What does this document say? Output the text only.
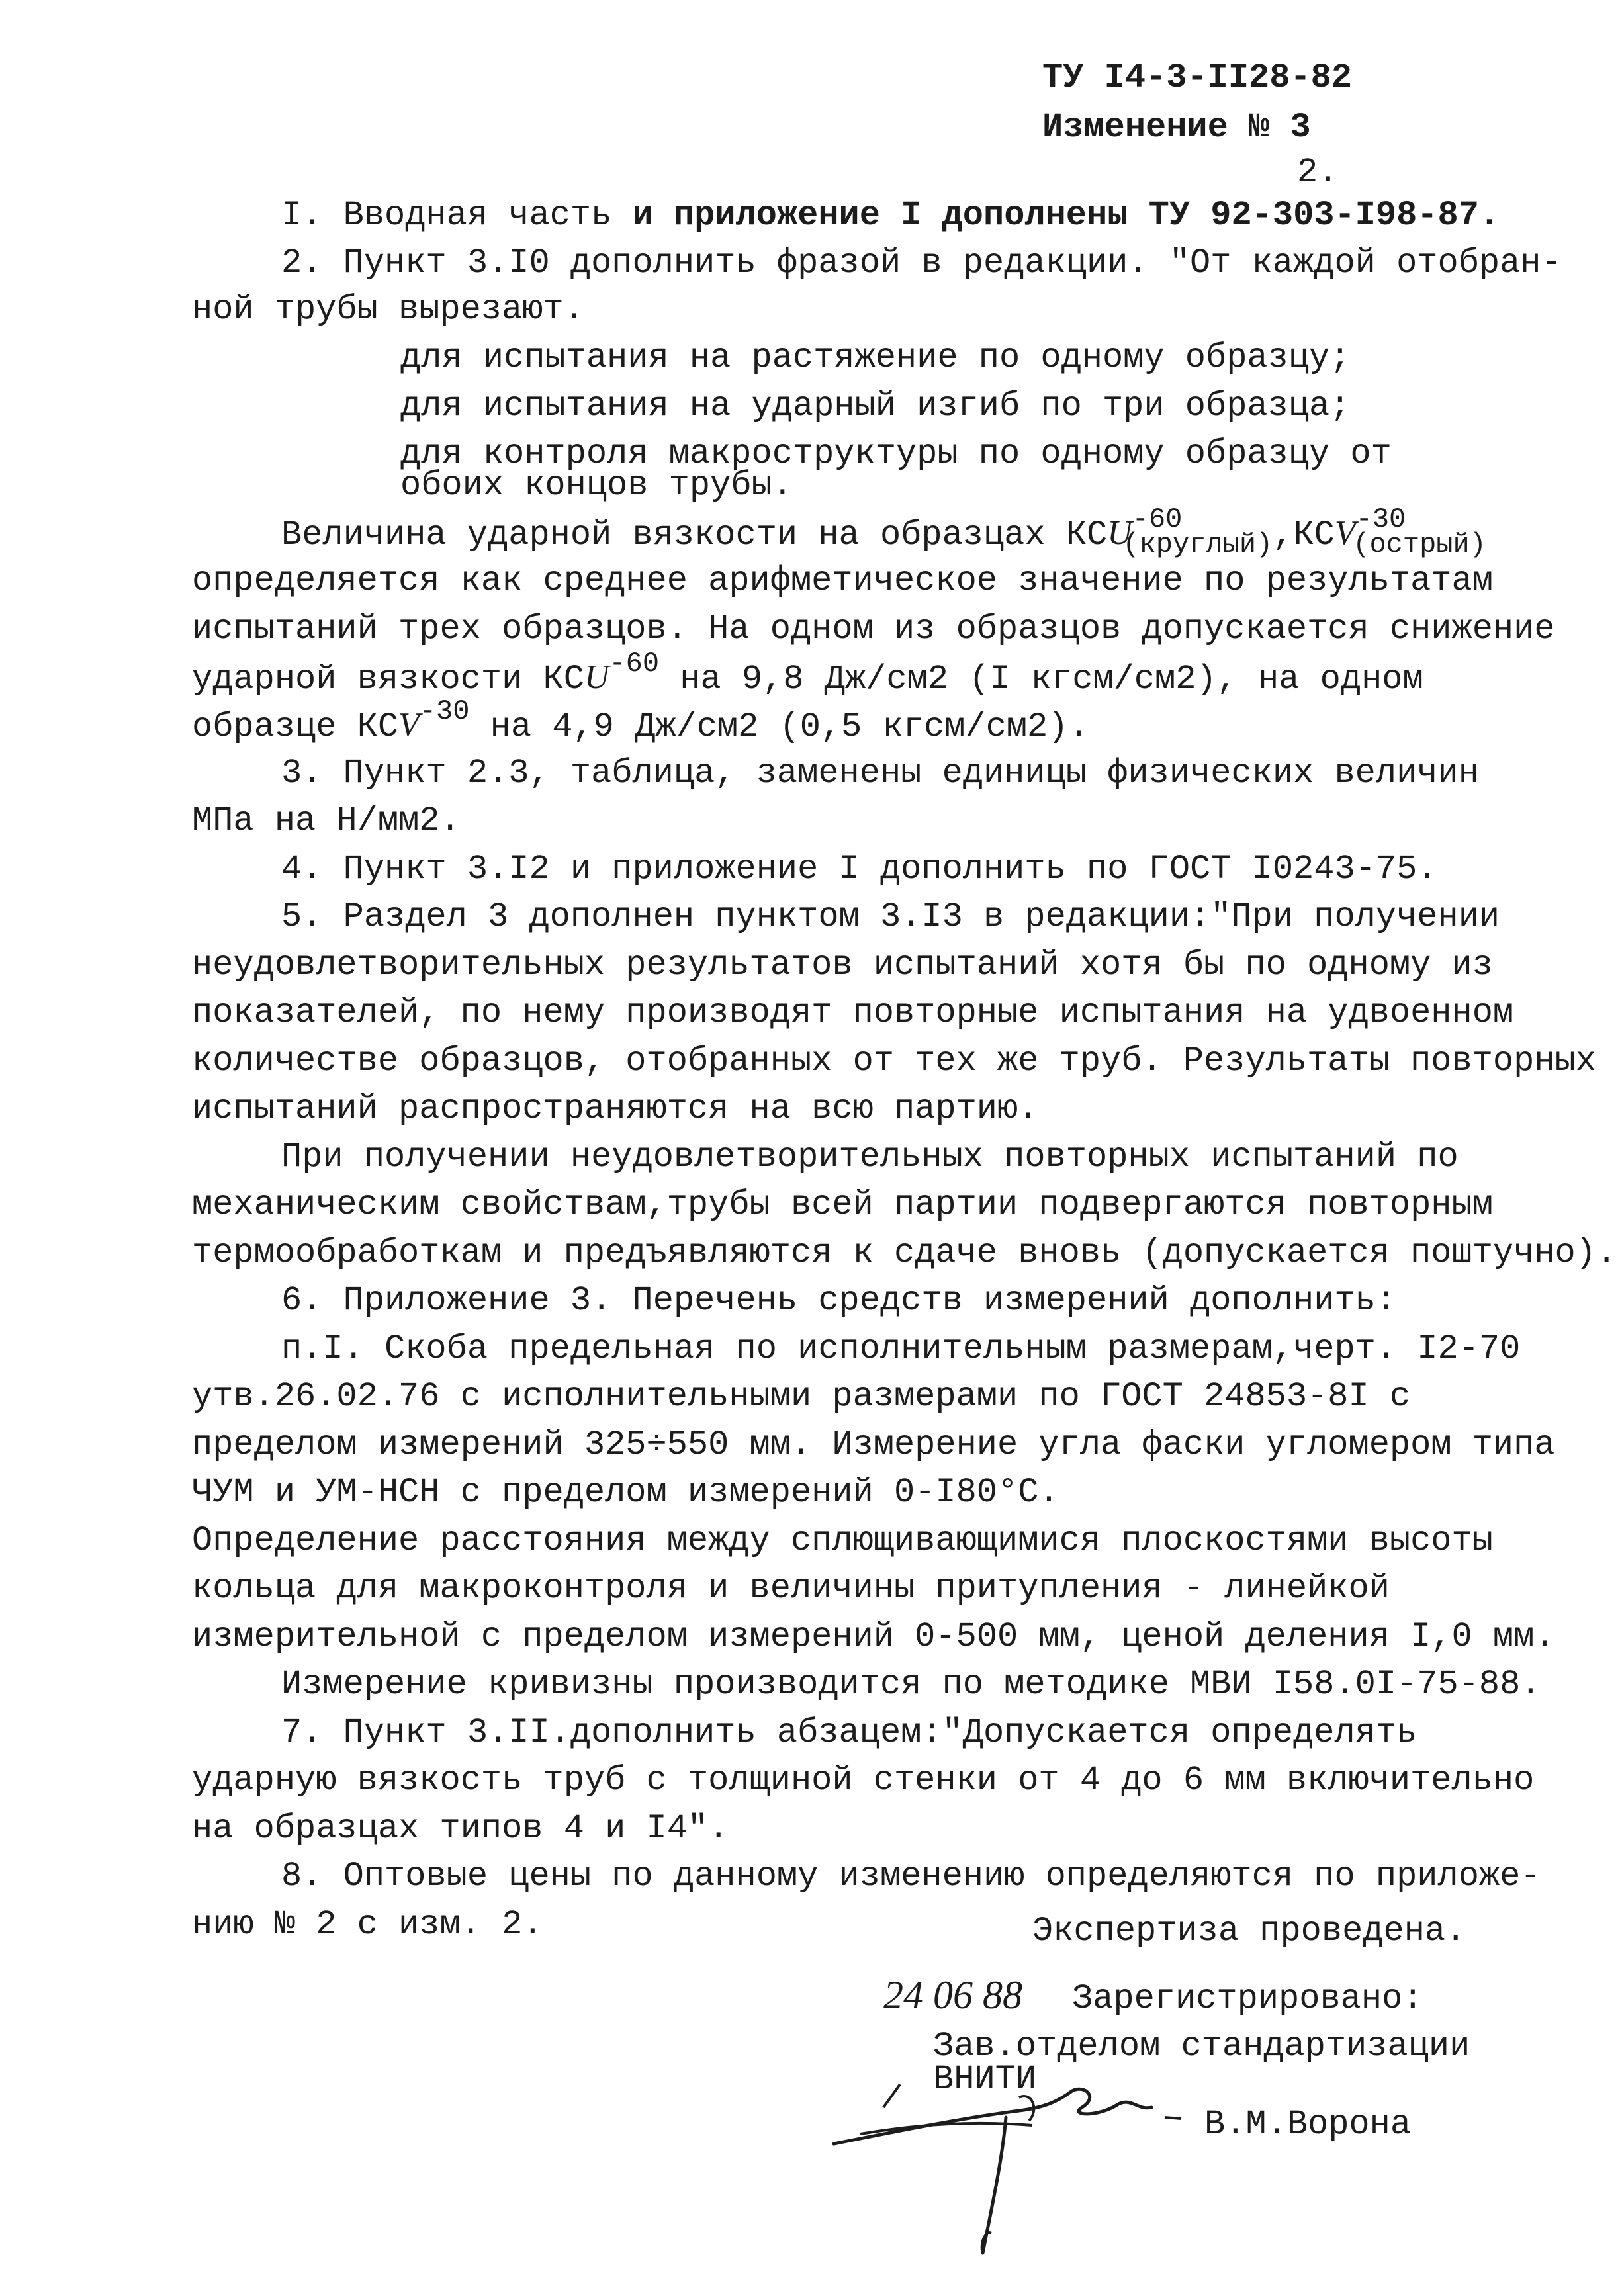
ТУ I4-3-II28-82
Изменение № 3
2.
I. Вводная часть и приложение I дополнены ТУ 92-303-I98-87.
2. Пункт 3.I0 дополнить фразой в редакции. "От каждой отобран-
ной трубы вырезают.
для испытания на растяжение по одному образцу;
для испытания на ударный изгиб по три образца;
для контроля макроструктуры по одному образцу от
обоих концов трубы.
Величина ударной вязкости на образцах $КСU^{-60}_{(круглый)},КСV^{-30}_{(острый)}$
определяется как среднее арифметическое значение по результатам
испытаний трех образцов. На одном из образцов допускается снижение
ударной вязкости $КСU^{-60}$ на 9,8 Дж/см2 (I кгсм/см2), на одном
образце $КСV^{-30}$ на 4,9 Дж/см2 (0,5 кгсм/см2).
3. Пункт 2.3, таблица, заменены единицы физических величин
МПа на Н/мм2.
4. Пункт 3.I2 и приложение I дополнить по ГОСТ I0243-75.
5. Раздел 3 дополнен пунктом 3.I3 в редакции:"При получении
неудовлетворительных результатов испытаний хотя бы по одному из
показателей, по нему производят повторные испытания на удвоенном
количестве образцов, отобранных от тех же труб. Результаты повторных
испытаний распространяются на всю партию.
При получении неудовлетворительных повторных испытаний по
механическим свойствам,трубы всей партии подвергаются повторным
термообработкам и предъявляются к сдаче вновь (допускается поштучно).
6. Приложение 3. Перечень средств измерений дополнить:
п.I. Скоба предельная по исполнительным размерам,черт. I2-70
утв.26.02.76 с исполнительными размерами по ГОСТ 24853-8I с
пределом измерений 325÷550 мм. Измерение угла фаски угломером типа
ЧУМ и УМ-НСН с пределом измерений 0-I80°С.
Определение расстояния между сплющивающимися плоскостями высоты
кольца для макроконтроля и величины притупления - линейкой
измерительной с пределом измерений 0-500 мм, ценой деления I,0 мм.
Измерение кривизны производится по методике МВИ I58.0I-75-88.
7. Пункт 3.II.дополнить абзацем:"Допускается определять
ударную вязкость труб с толщиной стенки от 4 до 6 мм включительно
на образцах типов 4 и I4".
8. Оптовые цены по данному изменению определяются по приложе-
нию № 2 с изм. 2.	Экспертиза проведена.
24 06 88 Зарегистрировано:
Зав.отделом стандартизации
ВНИТИ
В.М.Ворона
